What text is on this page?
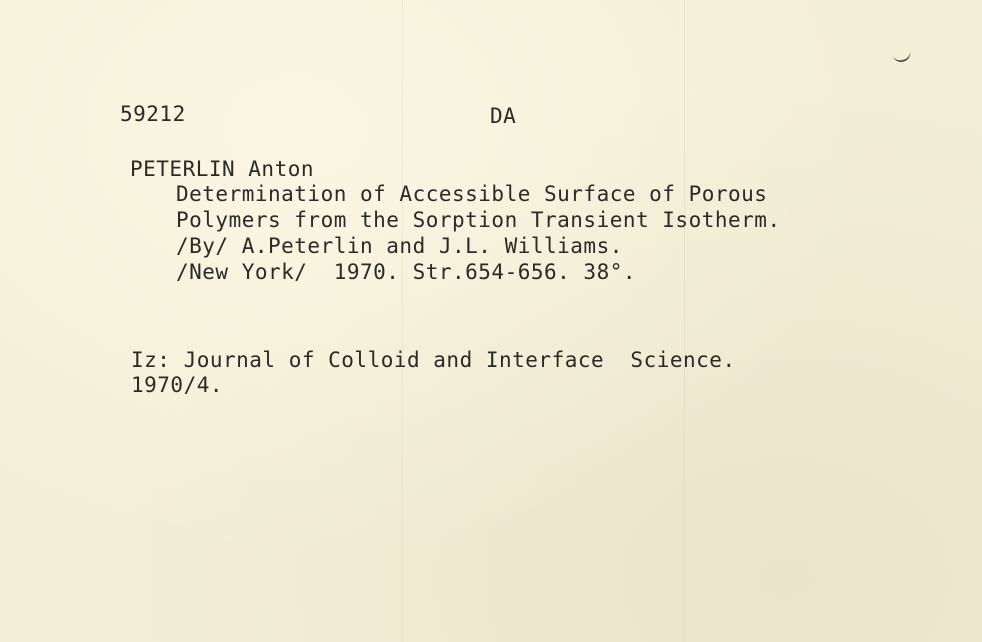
59212	DA
PETERLIN Anton
Determination of Accessible Surface of Porous
Polymers from the Sorption Transient Isotherm.
/By/ A.Peterlin and J.L. Williams.
/New York/  1970. Str.654-656. 38°.
Iz: Journal of Colloid and Interface  Science.
1970/4.
